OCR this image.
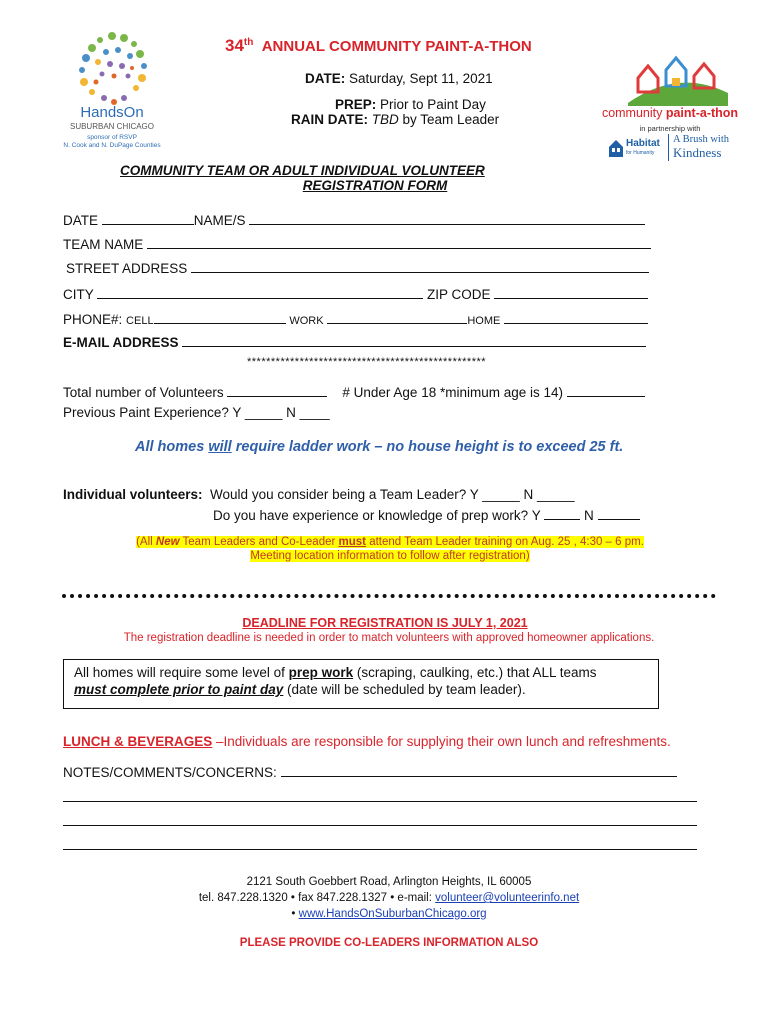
HandsOn
SUBURBAN CHICAGO
sponsor of RSVP
N. Cook and N. DuPage Counties
community paint-a-thon
in partnership with
Habitat
for Humanity
A Brush with
Kindness
34th ANNUAL COMMUNITY PAINT-A-THON
DATE: Saturday, Sept 11, 2021
PREP: Prior to Paint Day
RAIN DATE: TBD by Team Leader
COMMUNITY TEAM OR ADULT INDIVIDUAL VOLUNTEER
REGISTRATION FORM
DATE	NAME/S
TEAM NAME
STREET ADDRESS
CITY	ZIP CODE
PHONE#: CELL	WORK	HOME
E-MAIL ADDRESS
**************************************************
Total number of Volunteers	# Under Age 18 *minimum age is 14)
Previous Paint Experience? Y _____ N ____
All homes will require ladder work – no house height is to exceed 25 ft.
Individual volunteers: Would you consider being a Team Leader? Y _____ N _____
Do you have experience or knowledge of prep work? Y	N
(All New Team Leaders and Co-Leader must attend Team Leader training on Aug. 25 , 4:30 – 6 pm.
Meeting location information to follow after registration)
DEADLINE FOR REGISTRATION IS JULY 1, 2021
The registration deadline is needed in order to match volunteers with approved homeowner applications.
All homes will require some level of prep work (scraping, caulking, etc.) that ALL teams
must complete prior to paint day (date will be scheduled by team leader).
LUNCH & BEVERAGES –Individuals are responsible for supplying their own lunch and refreshments.
NOTES/COMMENTS/CONCERNS:
2121 South Goebbert Road, Arlington Heights, IL 60005
tel. 847.228.1320 • fax 847.228.1327 • e-mail: volunteer@volunteerinfo.net
• www.HandsOnSuburbanChicago.org
PLEASE PROVIDE CO-LEADERS INFORMATION ALSO
